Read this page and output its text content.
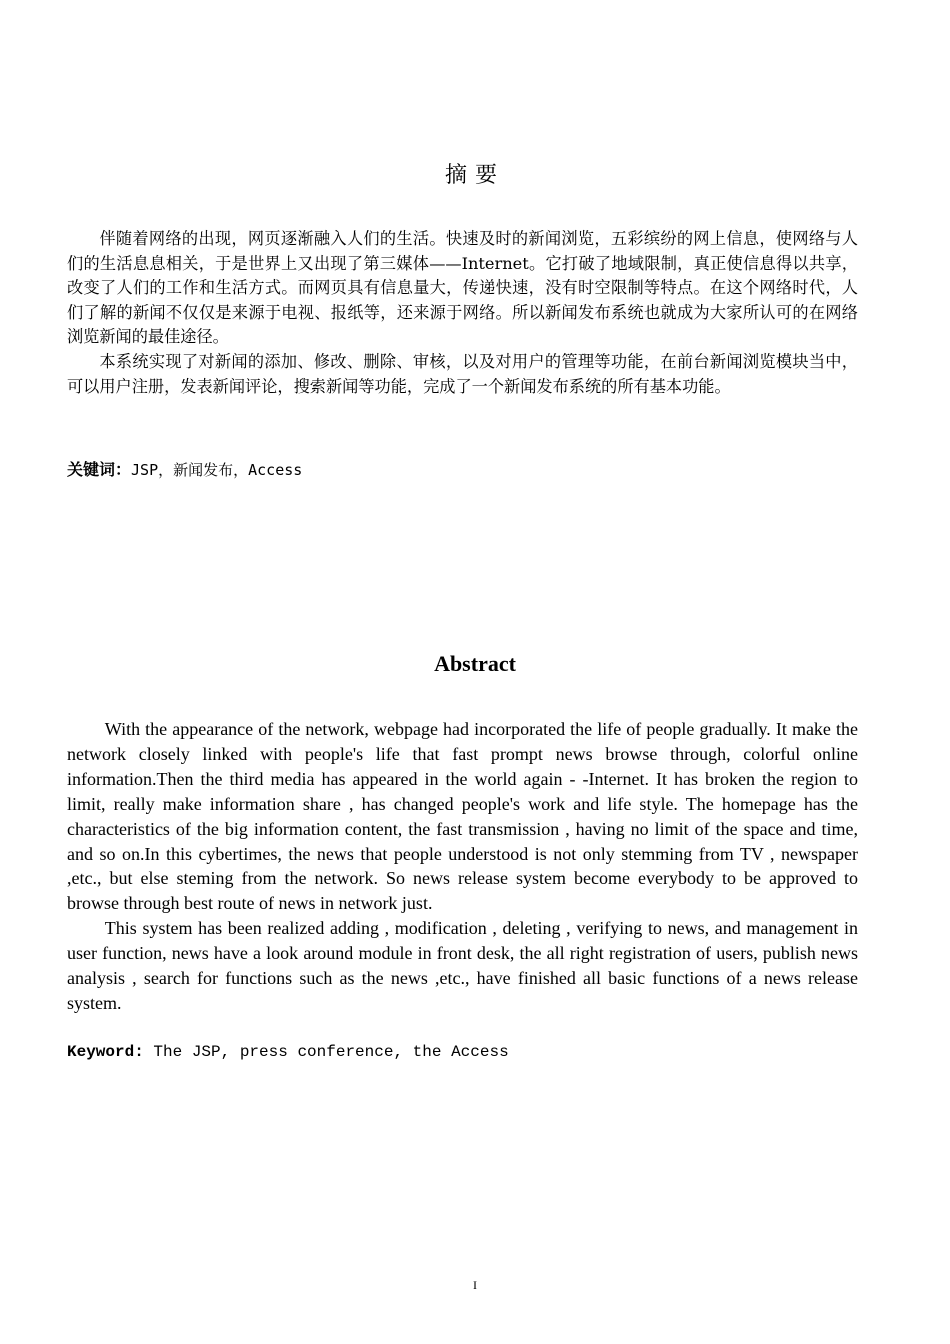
摘要

伴随着网络的出现，网页逐渐融入人们的生活。快速及时的新闻浏览，五彩缤纷的网上信息，使网络与人们的生活息息相关，于是世界上又出现了第三媒体——Internet。它打破了地域限制，真正使信息得以共享，改变了人们的工作和生活方式。而网页具有信息量大，传递快速，没有时空限制等特点。在这个网络时代，人们了解的新闻不仅仅是来源于电视、报纸等，还来源于网络。所以新闻发布系统也就成为大家所认可的在网络浏览新闻的最佳途径。

本系统实现了对新闻的添加、修改、删除、审核，以及对用户的管理等功能，在前台新闻浏览模块当中，可以用户注册，发表新闻评论，搜索新闻等功能，完成了一个新闻发布系统的所有基本功能。

关键词：JSP，新闻发布，Access

Abstract

With the appearance of the network, webpage had incorporated the life of people gradually. It make the network closely linked with people's life that fast prompt news browse through, colorful online information.Then the third media has appeared in the world again - -Internet. It has broken the region to limit, really make information share , has changed people's work and life style. The homepage has the characteristics of the big information content, the fast transmission , having no limit of the space and time, and so on.In this cybertimes, the news that people understood is not only stemming from TV , newspaper ,etc., but else steming from the network. So news release system become everybody to be approved to browse through best route of news in network just.

This system has been realized adding , modification , deleting , verifying to news, and management in user function, news have a look around module in front desk, the all right registration of users, publish news analysis , search for functions such as the news ,etc., have finished all basic functions of a news release system.

Keyword: The JSP, press conference, the Access

I
